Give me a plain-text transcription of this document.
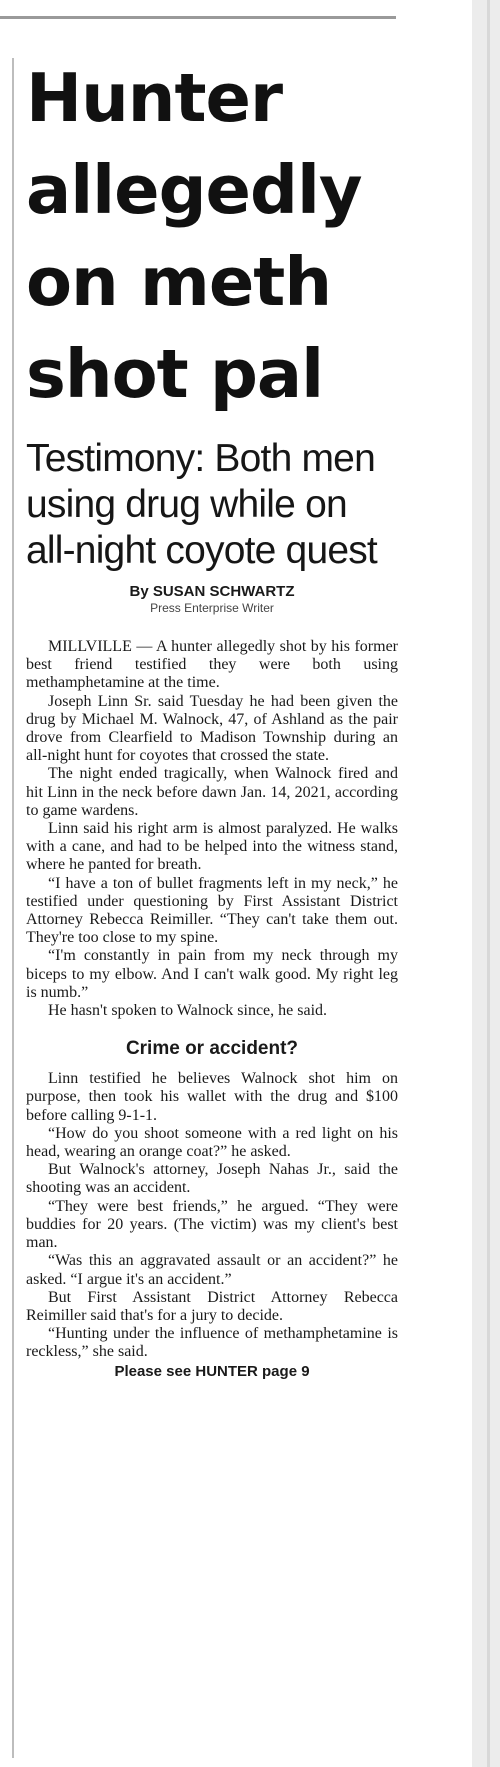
Hunter allegedly on meth shot pal
Testimony: Both men using drug while on all-night coyote quest
By SUSAN SCHWARTZ
Press Enterprise Writer

MILLVILLE — A hunter allegedly shot by his former best friend testified they were both using methamphetamine at the time.

Joseph Linn Sr. said Tuesday he had been given the drug by Michael M. Walnock, 47, of Ashland as the pair drove from Clearfield to Madison Township during an all-night hunt for coyotes that crossed the state.

The night ended tragically, when Walnock fired and hit Linn in the neck before dawn Jan. 14, 2021, according to game wardens.

Linn said his right arm is almost paralyzed. He walks with a cane, and had to be helped into the witness stand, where he panted for breath.

“I have a ton of bullet fragments left in my neck,” he testified under questioning by First Assistant District Attorney Rebecca Reimiller. “They can't take them out. They're too close to my spine.

“I'm constantly in pain from my neck through my biceps to my elbow. And I can't walk good. My right leg is numb.”

He hasn't spoken to Walnock since, he said.

Crime or accident?

Linn testified he believes Walnock shot him on purpose, then took his wallet with the drug and $100 before calling 9-1-1.

“How do you shoot someone with a red light on his head, wearing an orange coat?” he asked.

But Walnock's attorney, Joseph Nahas Jr., said the shooting was an accident.

“They were best friends,” he argued. “They were buddies for 20 years. (The victim) was my client's best man.

“Was this an aggravated assault or an accident?” he asked. “I argue it's an accident.”

But First Assistant District Attorney Rebecca Reimiller said that's for a jury to decide.

“Hunting under the influence of methamphetamine is reckless,” she said.

Please see HUNTER page 9
